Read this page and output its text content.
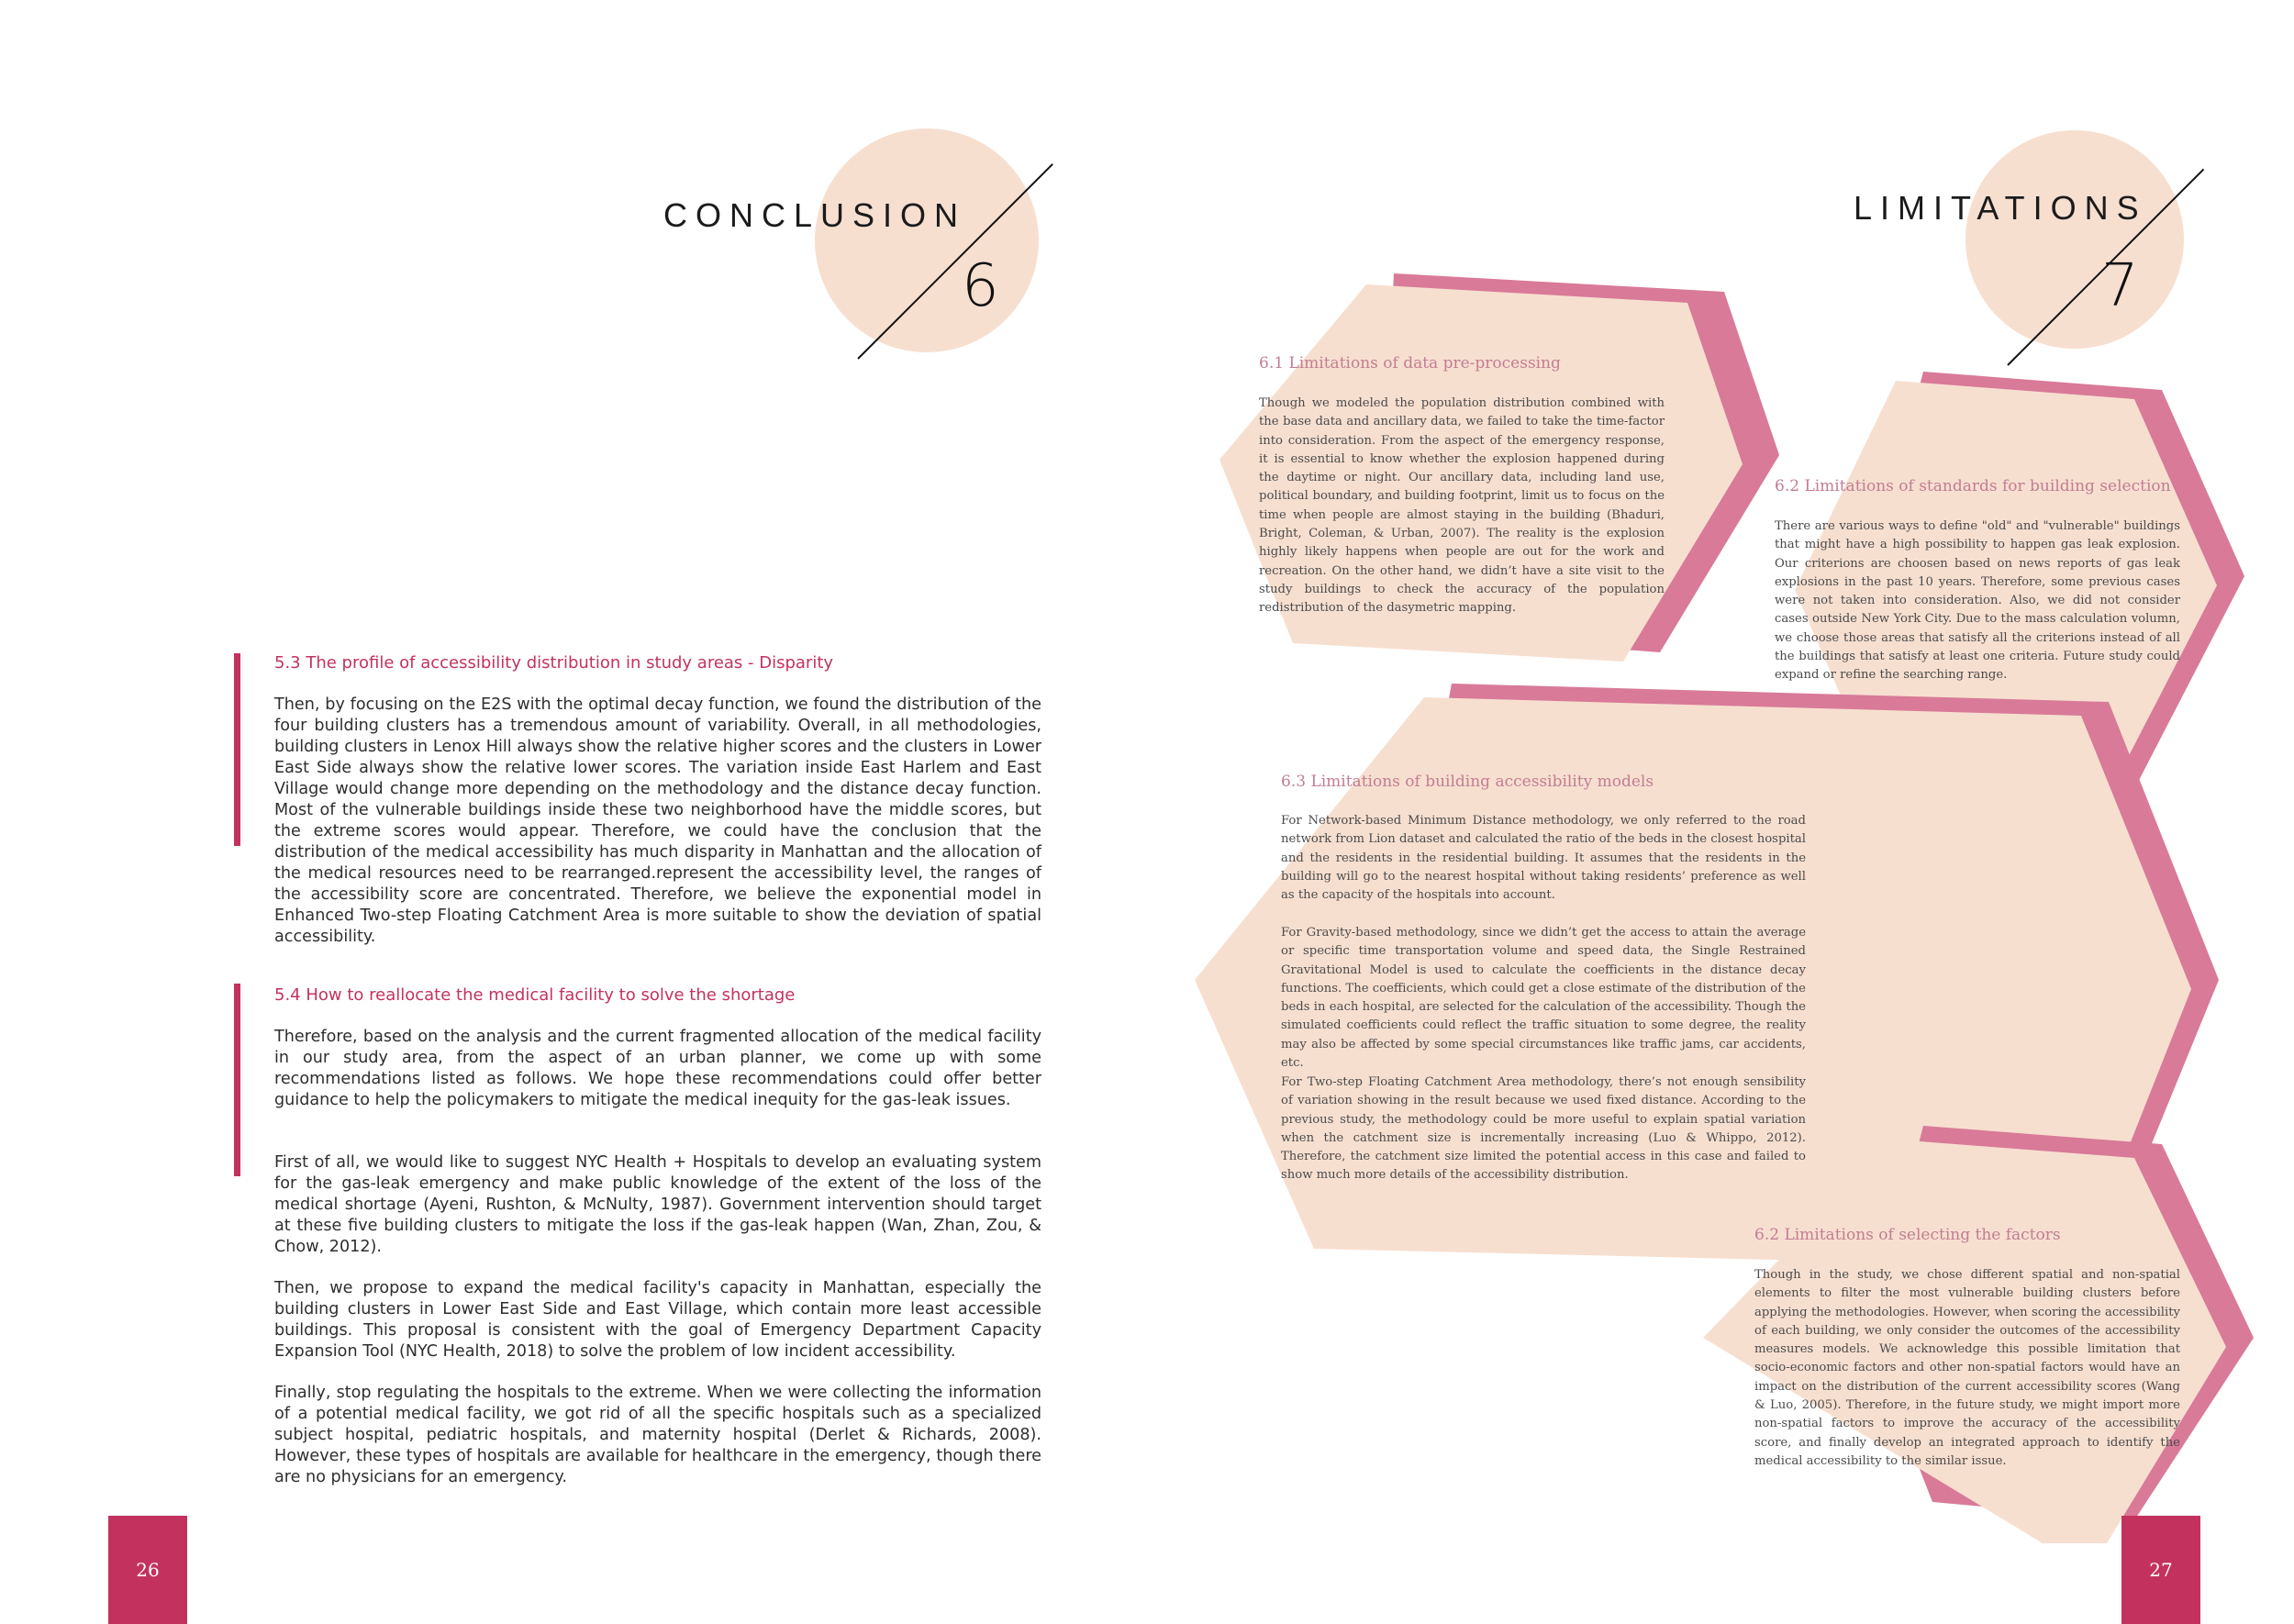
CONCLUSION
6
5.3 The profile of accessibility distribution in study areas - Disparity

Then, by focusing on the E2S with the optimal decay function, we found the distribution of the four building clusters has a tremendous amount of variability. Overall, in all methodologies, building clusters in Lenox Hill always show the relative higher scores and the clusters in Lower East Side always show the relative lower scores. The variation inside East Harlem and East Village would change more depending on the methodology and the distance decay function. Most of the vulnerable buildings inside these two neighborhood have the middle scores, but the extreme scores would appear. Therefore, we could have the conclusion that the distribution of the medical accessibility has much disparity in Manhattan and the allocation of the medical resources need to be rearranged.represent the accessibility level, the ranges of the accessibility score are concentrated. Therefore, we believe the exponential model in Enhanced Two-step Floating Catchment Area is more suitable to show the deviation of spatial accessibility.

5.4 How to reallocate the medical facility to solve the shortage

Therefore, based on the analysis and the current fragmented allocation of the medical facility in our study area, from the aspect of an urban planner, we come up with some recommendations listed as follows. We hope these recommendations could offer better guidance to help the policymakers to mitigate the medical inequity for the gas-leak issues.

First of all, we would like to suggest NYC Health + Hospitals to develop an evaluating system for the gas-leak emergency and make public knowledge of the extent of the loss of the medical shortage (Ayeni, Rushton, & McNulty, 1987). Government intervention should target at these five building clusters to mitigate the loss if the gas-leak happen (Wan, Zhan, Zou, & Chow, 2012).

Then, we propose to expand the medical facility's capacity in Manhattan, especially the building clusters in Lower East Side and East Village, which contain more least accessible buildings. This proposal is consistent with the goal of Emergency Department Capacity Expansion Tool (NYC Health, 2018) to solve the problem of low incident accessibility.

Finally, stop regulating the hospitals to the extreme. When we were collecting the information of a potential medical facility, we got rid of all the specific hospitals such as a specialized subject hospital, pediatric hospitals, and maternity hospital (Derlet & Richards, 2008). However, these types of hospitals are available for healthcare in the emergency, though there are no physicians for an emergency.

26
LIMITATIONS
7
6.1 Limitations of data pre-processing

Though we modeled the population distribution combined with the base data and ancillary data, we failed to take the time-factor into consideration. From the aspect of the emergency response, it is essential to know whether the explosion happened during the daytime or night. Our ancillary data, including land use, political boundary, and building footprint, limit us to focus on the time when people are almost staying in the building (Bhaduri, Bright, Coleman, & Urban, 2007). The reality is the explosion highly likely happens when people are out for the work and recreation. On the other hand, we didn’t have a site visit to the study buildings to check the accuracy of the population redistribution of the dasymetric mapping.

6.2 Limitations of standards for building selection

There are various ways to define "old" and "vulnerable" buildings that might have a high possibility to happen gas leak explosion. Our criterions are choosen based on news reports of gas leak explosions in the past 10 years. Therefore, some previous cases were not taken into consideration. Also, we did not consider cases outside New York City. Due to the mass calculation volumn, we choose those areas that satisfy all the criterions instead of all the buildings that satisfy at least one criteria. Future study could expand or refine the searching range.

6.3 Limitations of building accessibility models

For Network-based Minimum Distance methodology, we only referred to the road network from Lion dataset and calculated the ratio of the beds in the closest hospital and the residents in the residential building. It assumes that the residents in the building will go to the nearest hospital without taking residents’ preference as well as the capacity of the hospitals into account.

For Gravity-based methodology, since we didn’t get the access to attain the average or specific time transportation volume and speed data, the Single Restrained Gravitational Model is used to calculate the coefficients in the distance decay functions. The coefficients, which could get a close estimate of the distribution of the beds in each hospital, are selected for the calculation of the accessibility. Though the simulated coefficients could reflect the traffic situation to some degree, the reality may also be affected by some special circumstances like traffic jams, car accidents, etc.

For Two-step Floating Catchment Area methodology, there’s not enough sensibility of variation showing in the result because we used fixed distance. According to the previous study, the methodology could be more useful to explain spatial variation when the catchment size is incrementally increasing (Luo & Whippo, 2012). Therefore, the catchment size limited the potential access in this case and failed to show much more details of the accessibility distribution.

6.2 Limitations of selecting the factors

Though in the study, we chose different spatial and non-spatial elements to filter the most vulnerable building clusters before applying the methodologies. However, when scoring the accessibility of each building, we only consider the outcomes of the accessibility measures models. We acknowledge this possible limitation that socio-economic factors and other non-spatial factors would have an impact on the distribution of the current accessibility scores (Wang & Luo, 2005). Therefore, in the future study, we might import more non-spatial factors to improve the accuracy of the accessibility score, and finally develop an integrated approach to identify the medical accessibility to the similar issue.

27
